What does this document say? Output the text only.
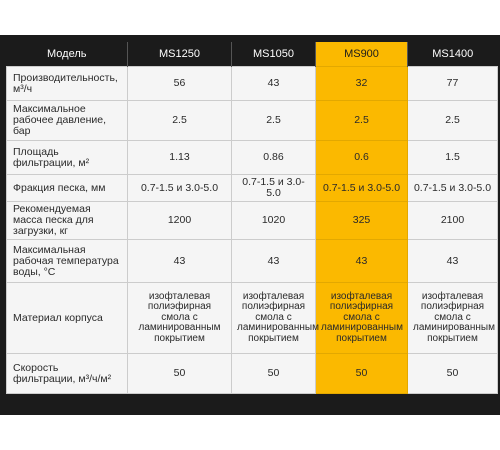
Модель	MS1250	MS1050	MS900	MS1400
Производительность, м³/ч	56	43	32	77
Максимальное рабочее давление, бар	2.5	2.5	2.5	2.5
Площадь фильтрации, м²	1.13	0.86	0.6	1.5
Фракция песка, мм	0.7-1.5 и 3.0-5.0	0.7-1.5 и 3.0-5.0	0.7-1.5 и 3.0-5.0	0.7-1.5 и 3.0-5.0
Рекомендуемая масса песка для загрузки, кг	1200	1020	325	2100
Максимальная рабочая температура воды, °С	43	43	43	43
Материал корпуса	изофталевая полиэфирная смола с ламинированным покрытием	изофталевая полиэфирная смола с ламинированным покрытием	изофталевая полиэфирная смола с ламинированным покрытием	изофталевая полиэфирная смола с ламинированным покрытием
Скорость фильтрации, м³/ч/м²	50	50	50	50
